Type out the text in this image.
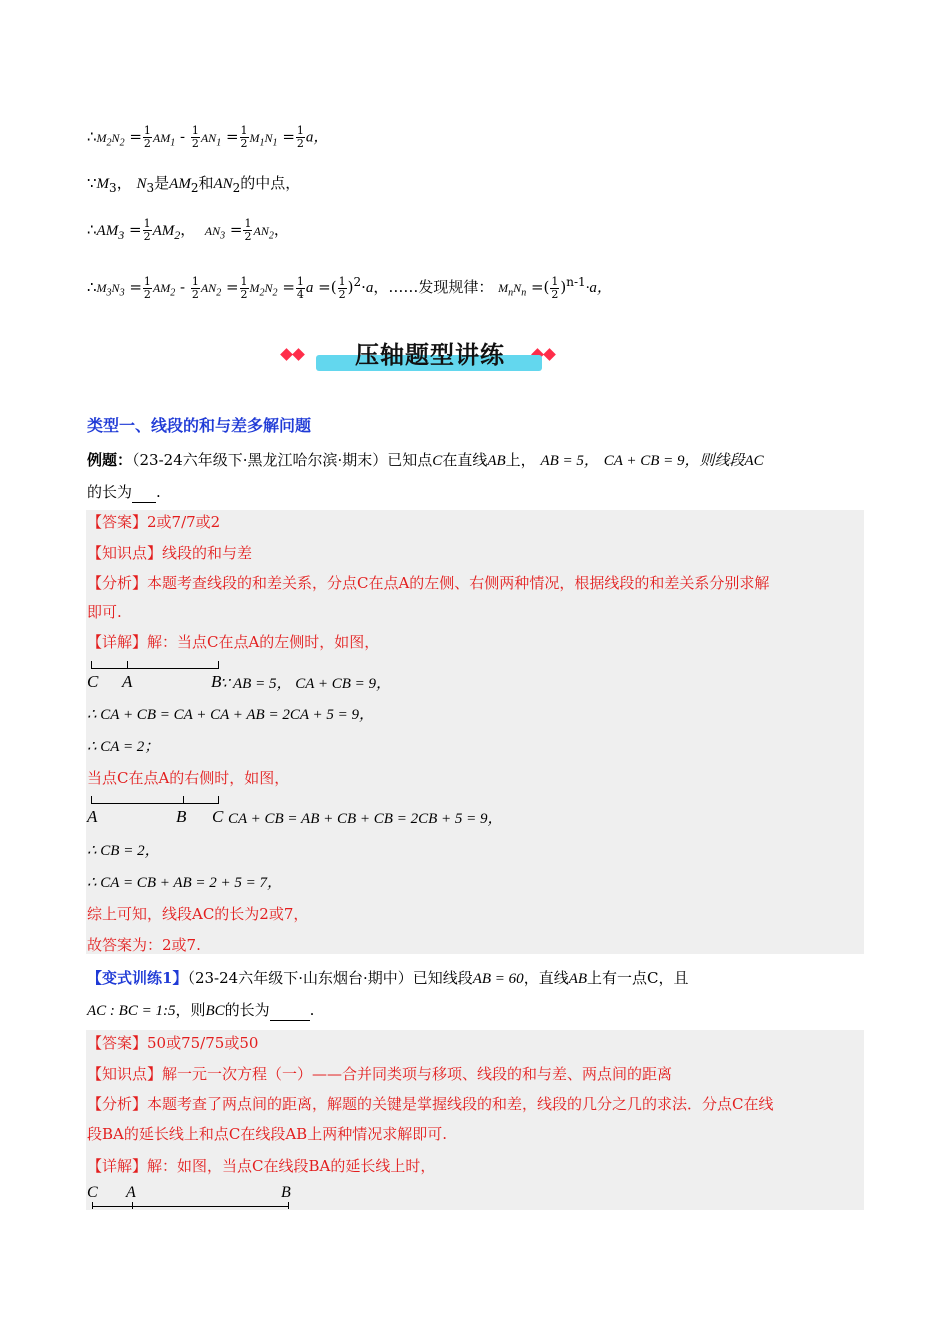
$\therefore M_2N_2 = \frac{1}{2} AM_1 - \frac{1}{2} AN_1 = \frac{1}{2} M_1N_1 = \frac{1}{2}$ a，
$\because M_3$， $N_3$是$AM_2$和$AN_2$的中点，
$\therefore AM_3 = \frac{1}{2} AM_2$， $AN_3 = \frac{1}{2} AN_2$，
$\therefore M_3N_3 = \frac{1}{2} AM_2 - \frac{1}{2} AN_2 = \frac{1}{2} M_2N_2 = \frac{1}{4}$ a =( $\frac{1}{2} )^2\cdot a$，……发现规律： $M_nN_n$ =( $\frac{1}{2} )^{n-1}\cdot a$，
压轴题型讲练
类型一、线段的和与差多解问题
例题：（23-24六年级下·黑龙江哈尔滨·期末）已知点C在直线AB上， AB = 5， CA + CB = 9，则线段AC
的长为 .
【答案】2或7/7或2
【知识点】线段的和与差
【分析】本题考查线段的和差关系，分点C在点A的左侧、右侧两种情况，根据线段的和差关系分别求解
即可.
【详解】解：当点C在点A的左侧时，如图，
C A	B
∵ AB = 5， CA + CB = 9，
∴ CA + CB = CA + CA + AB = 2CA + 5 = 9，
∴ CA = 2；
当点C在点A的右侧时，如图，
A	B C CA + CB = AB + CB + CB = 2CB + 5 = 9，
∴ CB = 2，
∴ CA = CB + AB = 2 + 5 = 7，
综上可知，线段AC的长为2或7，
故答案为：2或7.
【变式训练1】（23-24六年级下·山东烟台·期中）已知线段AB = 60，直线AB上有一点C，且
AC : BC = 1:5，则BC的长为	.
【答案】50或75/75或50
【知识点】解一元一次方程（一）——合并同类项与移项、线段的和与差、两点间的距离
【分析】本题考查了两点间的距离，解题的关键是掌握线段的和差，线段的几分之几的求法．分点C在线
段BA的延长线上和点C在线段AB上两种情况求解即可.
【详解】解：如图，当点C在线段BA的延长线上时，
C A	B
